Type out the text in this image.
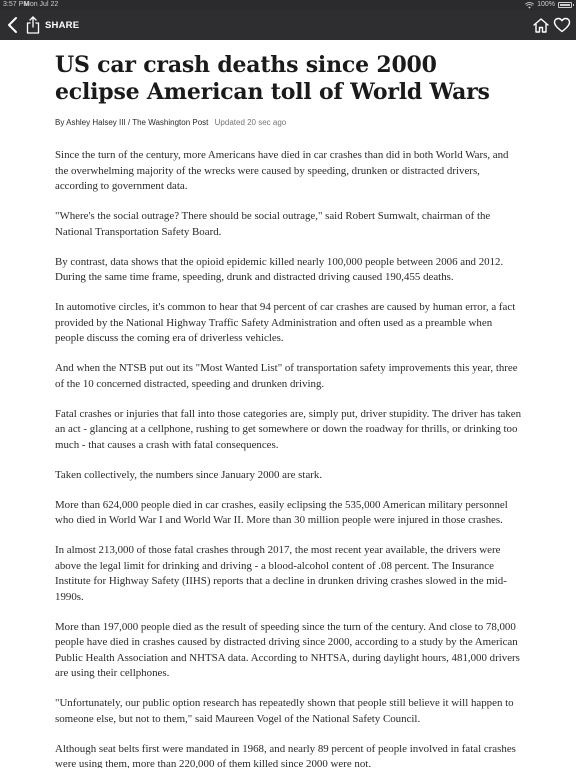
3:57 PM
Mon Jul 22	100%
SHARE
US car crash deaths since 2000 eclipse American toll of World Wars
By Ashley Halsey III / The Washington Post Updated 20 sec ago

Since the turn of the century, more Americans have died in car crashes than did in both World Wars, and the overwhelming majority of the wrecks were caused by speeding, drunken or distracted drivers, according to government data.

"Where's the social outrage? There should be social outrage," said Robert Sumwalt, chairman of the National Transportation Safety Board.

By contrast, data shows that the opioid epidemic killed nearly 100,000 people between 2006 and 2012. During the same time frame, speeding, drunk and distracted driving caused 190,455 deaths.

In automotive circles, it's common to hear that 94 percent of car crashes are caused by human error, a fact provided by the National Highway Traffic Safety Administration and often used as a preamble when people discuss the coming era of driverless vehicles.

And when the NTSB put out its "Most Wanted List" of transportation safety improvements this year, three of the 10 concerned distracted, speeding and drunken driving.

Fatal crashes or injuries that fall into those categories are, simply put, driver stupidity. The driver has taken an act - glancing at a cellphone, rushing to get somewhere or down the roadway for thrills, or drinking too much - that causes a crash with fatal consequences.

Taken collectively, the numbers since January 2000 are stark.

More than 624,000 people died in car crashes, easily eclipsing the 535,000 American military personnel who died in World War I and World War II. More than 30 million people were injured in those crashes.

In almost 213,000 of those fatal crashes through 2017, the most recent year available, the drivers were above the legal limit for drinking and driving - a blood-alcohol content of .08 percent. The Insurance Institute for Highway Safety (IIHS) reports that a decline in drunken driving crashes slowed in the mid-1990s.

More than 197,000 people died as the result of speeding since the turn of the century. And close to 78,000 people have died in crashes caused by distracted driving since 2000, according to a study by the American Public Health Association and NHTSA data. According to NHTSA, during daylight hours, 481,000 drivers are using their cellphones.

"Unfortunately, our public option research has repeatedly shown that people still believe it will happen to someone else, but not to them," said Maureen Vogel of the National Safety Council.

Although seat belts first were mandated in 1968, and nearly 89 percent of people involved in fatal crashes were using them, more than 220,000 of them killed since 2000 were not.
